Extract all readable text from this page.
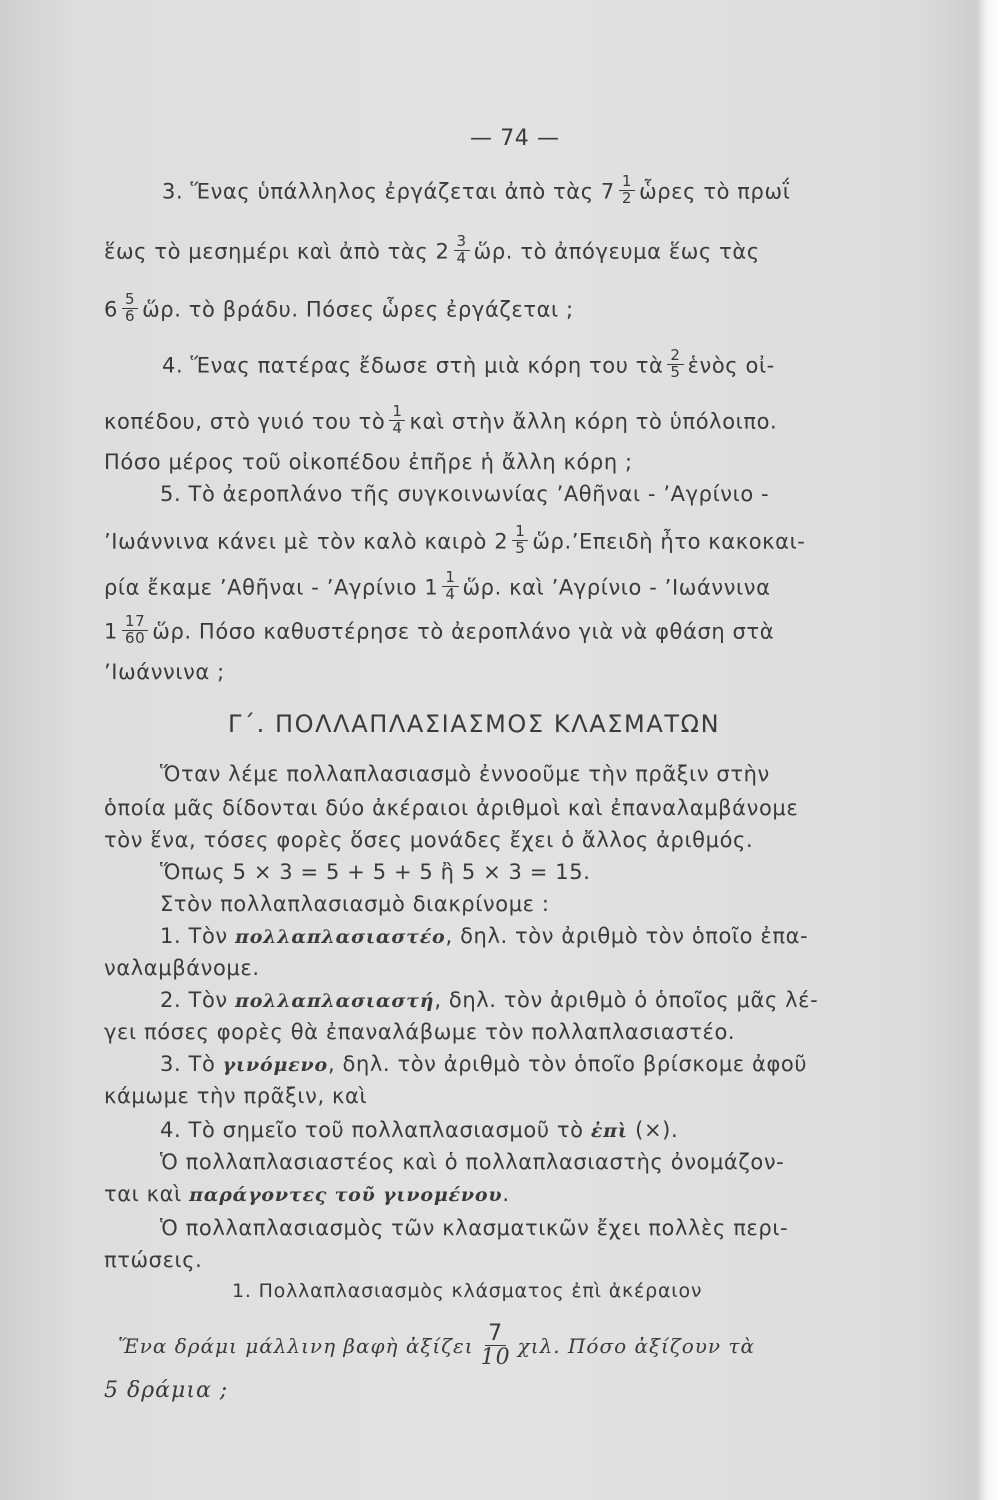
— 74 —
3. Ἕνας ὑπάλληλος ἐργάζεται ἀπὸ τὰς $7 \frac{1}{2}$ ὧρες τὸ πρωΐ
ἕως τὸ μεσημέρι καὶ ἀπὸ τὰς $2 \frac{3}{4}$ ὥρ. τὸ ἀπόγευμα ἕως τὰς
$6 \frac{5}{6}$ ὥρ. τὸ βράδυ. Πόσες ὧρες ἐργάζεται ;
4. Ἕνας πατέρας ἔδωσε στὴ μιὰ κόρη του τὰ $\frac{2}{5}$ ἑνὸς οἰ-
κοπέδου, στὸ γυιό του τὸ $\frac{1}{4}$ καὶ στὴν ἄλλη κόρη τὸ ὑπόλοιπο.
Πόσο μέρος τοῦ οἰκοπέδου ἐπῆρε ἡ ἄλλη κόρη ;
5. Τὸ ἀεροπλάνο τῆς συγκοινωνίας ’Αθῆναι - ’Αγρίνιο -
’Ιωάννινα κάνει μὲ τὸν καλὸ καιρὸ $2 \frac{1}{5}$ ὥρ.’Επειδὴ ἦτο κακοκαι-
ρία ἔκαμε ’Αθῆναι - ’Αγρίνιο $1 \frac{1}{4}$ ὥρ. καὶ ’Αγρίνιο - ’Ιωάννινα
$1 \frac{17}{60}$ ὥρ. Πόσο καθυστέρησε τὸ ἀεροπλάνο γιὰ νὰ φθάση στὰ
’Ιωάννινα ;
Γ΄. ΠΟΛΛΑΠΛΑΣΙΑΣΜΟΣ ΚΛΑΣΜΑΤΩΝ
Ὅταν λέμε πολλαπλασιασμὸ ἐννοοῦμε τὴν πρᾶξιν στὴν
ὁποία μᾶς δίδονται δύο ἀκέραιοι ἀριθμοὶ καὶ ἐπαναλαμβάνομε
τὸν ἕνα, τόσες φορὲς ὅσες μονάδες ἔχει ὁ ἄλλος ἀριθμός.
Ὅπως 5 × 3 = 5 + 5 + 5 ἢ 5 × 3 = 15.
Στὸν πολλαπλασιασμὸ διακρίνομε :
1. Τὸν πολλαπλασιαστέο, δηλ. τὸν ἀριθμὸ τὸν ὁποῖο ἐπα-
ναλαμβάνομε.
2. Τὸν πολλαπλασιαστή, δηλ. τὸν ἀριθμὸ ὁ ὁποῖος μᾶς λέ-
γει πόσες φορὲς θὰ ἐπαναλάβωμε τὸν πολλαπλασιαστέο.
3. Τὸ γινόμενο, δηλ. τὸν ἀριθμὸ τὸν ὁποῖο βρίσκομε ἀφοῦ
κάμωμε τὴν πρᾶξιν, καὶ
4. Τὸ σημεῖο τοῦ πολλαπλασιασμοῦ τὸ ἐπὶ (×).
Ὁ πολλαπλασιαστέος καὶ ὁ πολλαπλασιαστὴς ὀνομάζον-
ται καὶ παράγοντες τοῦ γινομένου.
Ὁ πολλαπλασιασμὸς τῶν κλασματικῶν ἔχει πολλὲς περι-
πτώσεις.
1. Πολλαπλασιασμὸς κλάσματος ἐπὶ ἀκέραιον
Ἕνα δράμι μάλλινη βαφὴ ἀξίζει $\frac{7}{10} \chi\iota\lambda$. Πόσο ἀξίζουν τὰ
5 δράμια ;
